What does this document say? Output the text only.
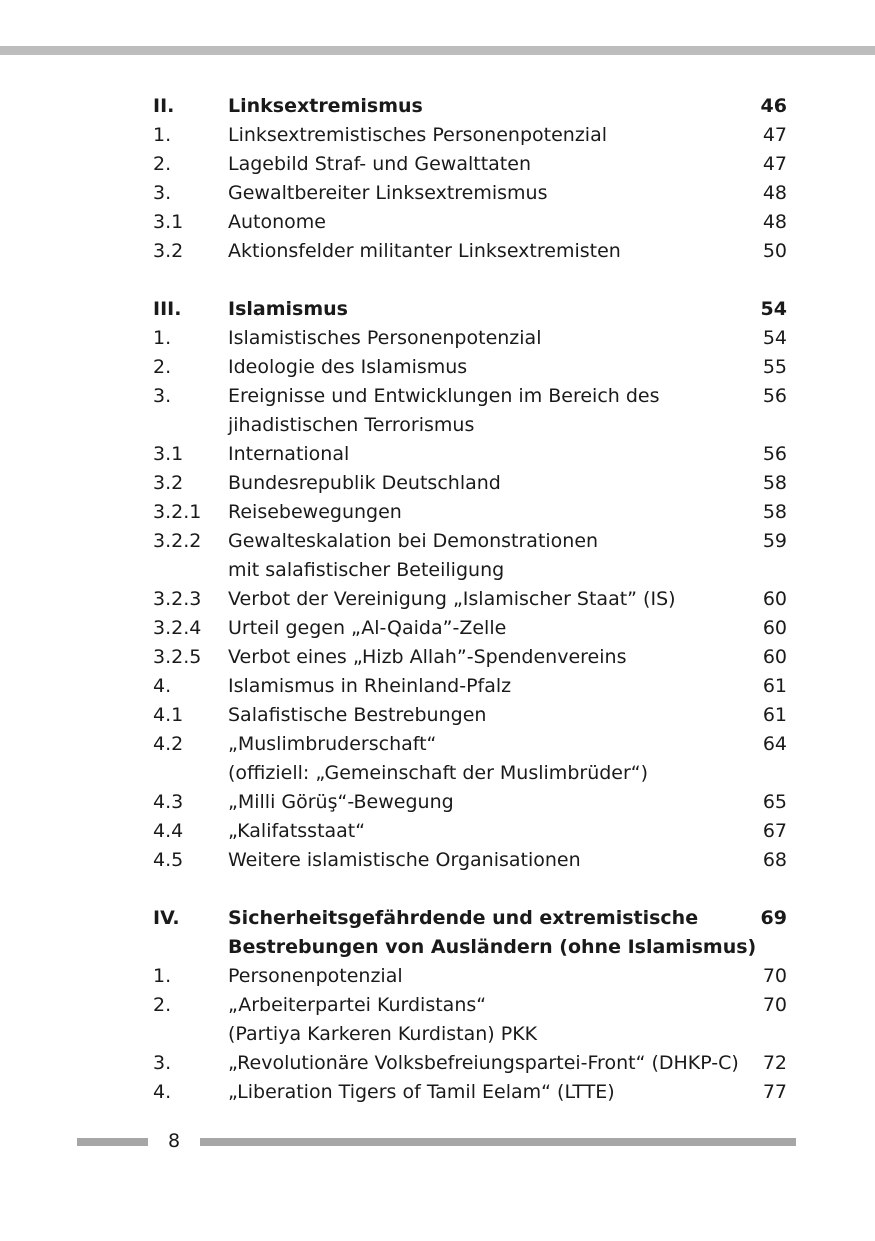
II.	Linksextremismus	46
1.	Linksextremistisches Personenpotenzial	47
2.	Lagebild Straf- und Gewalttaten	47
3.	Gewaltbereiter Linksextremismus	48
3.1 Autonome	48
3.2 Aktionsfelder militanter Linksextremisten	50
III. Islamismus	54
1.	Islamistisches Personenpotenzial	54
2.	Ideologie des Islamismus	55
3.	Ereignisse und Entwicklungen im Bereich des	56
jihadistischen Terrorismus
3.1 International	56
3.2 Bundesrepublik Deutschland	58
3.2.1 Reisebewegungen	58
3.2.2 Gewalteskalation bei Demonstrationen	59
mit salafistischer Beteiligung
3.2.3 Verbot der Vereinigung „Islamischer Staat” (IS)	60
3.2.4 Urteil gegen „Al-Qaida”-Zelle	60
3.2.5 Verbot eines „Hizb Allah”-Spendenvereins	60
4.	Islamismus in Rheinland-Pfalz	61
4.1 Salafistische Bestrebungen	61
4.2 „Muslimbruderschaft“	64
(offiziell: „Gemeinschaft der Muslimbrüder“)
4.3 „Milli Görüş“-Bewegung	65
4.4 „Kalifatsstaat“	67
4.5 Weitere islamistische Organisationen	68
IV.	Sicherheitsgefährdende und extremistische	69
Bestrebungen von Ausländern (ohne Islamismus)
1.	Personenpotenzial	70
2.	„Arbeiterpartei Kurdistans“	70
(Partiya Karkeren Kurdistan) PKK
3.	„Revolutionäre Volksbefreiungspartei-Front“ (DHKP-C) 72
4.	„Liberation Tigers of Tamil Eelam“ (LTTE)	77
8
